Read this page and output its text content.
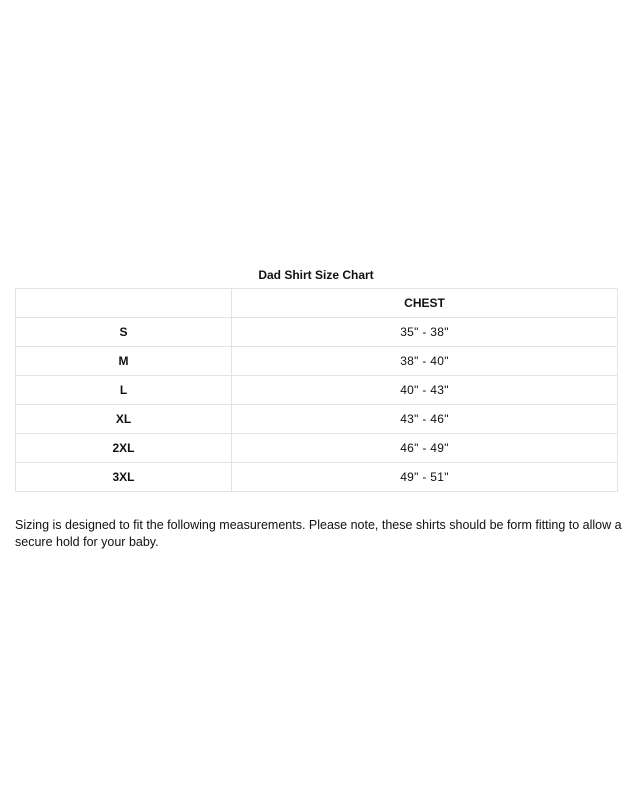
Dad Shirt Size Chart
	CHEST
S	35" - 38"
M	38" - 40"
L	40" - 43"
XL	43" - 46"
2XL	46" - 49"
3XL	49" - 51"

Sizing is designed to fit the following measurements. Please note, these shirts should be form fitting to allow a secure hold for your baby.
